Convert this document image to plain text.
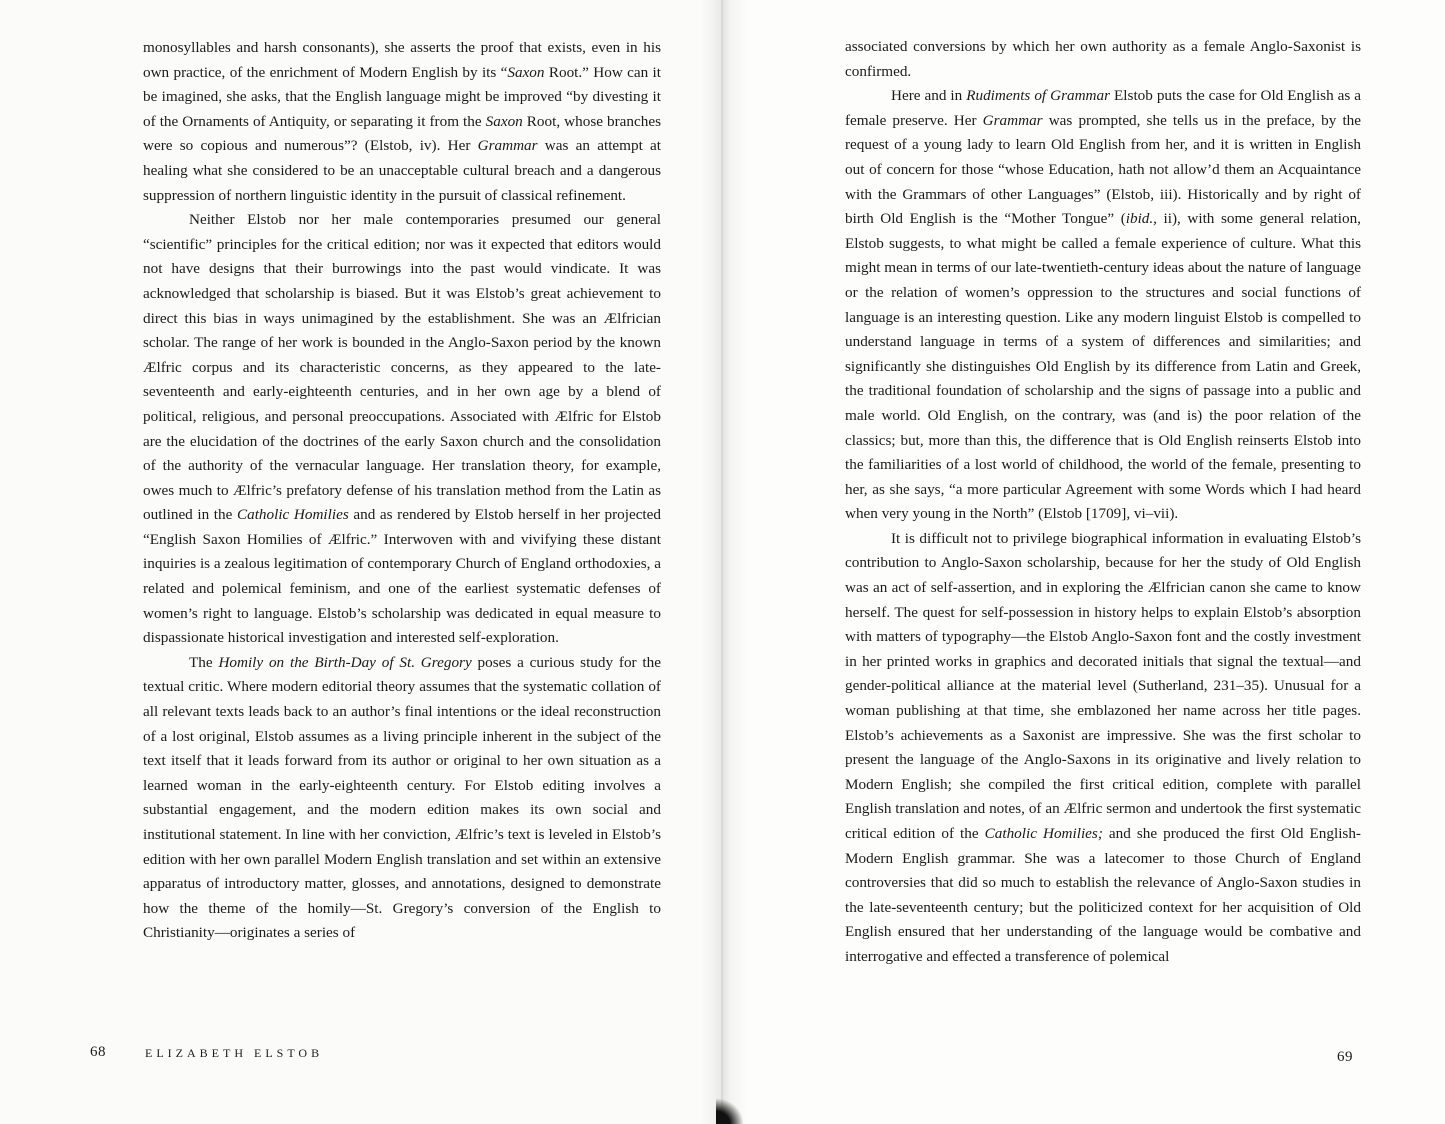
monosyllables and harsh consonants), she asserts the proof that exists, even in his own practice, of the enrichment of Modern English by its “Saxon Root.” How can it be imagined, she asks, that the English language might be improved “by divesting it of the Ornaments of Antiquity, or separating it from the Saxon Root, whose branches were so copious and numerous”? (Elstob, iv). Her Grammar was an attempt at healing what she considered to be an unacceptable cultural breach and a dangerous suppression of northern linguistic identity in the pursuit of classical refinement.

Neither Elstob nor her male contemporaries presumed our general “scientific” principles for the critical edition; nor was it expected that editors would not have designs that their burrowings into the past would vindicate. It was acknowledged that scholarship is biased. But it was Elstob’s great achievement to direct this bias in ways unimagined by the establishment. She was an Ælfrician scholar. The range of her work is bounded in the Anglo-Saxon period by the known Ælfric corpus and its characteristic concerns, as they appeared to the late-seventeenth and early-eighteenth centuries, and in her own age by a blend of political, religious, and personal preoccupations. Associated with Ælfric for Elstob are the elucidation of the doctrines of the early Saxon church and the consolidation of the authority of the vernacular language. Her translation theory, for example, owes much to Ælfric’s prefatory defense of his translation method from the Latin as outlined in the Catholic Homilies and as rendered by Elstob herself in her projected “English Saxon Homilies of Ælfric.” Interwoven with and vivifying these distant inquiries is a zealous legitimation of contemporary Church of England orthodoxies, a related and polemical feminism, and one of the earliest systematic defenses of women’s right to language. Elstob’s scholarship was dedicated in equal measure to dispassionate historical investigation and interested self-exploration.

The Homily on the Birth-Day of St. Gregory poses a curious study for the textual critic. Where modern editorial theory assumes that the systematic collation of all relevant texts leads back to an author’s final intentions or the ideal reconstruction of a lost original, Elstob assumes as a living principle inherent in the subject of the text itself that it leads forward from its author or original to her own situation as a learned woman in the early-eighteenth century. For Elstob editing involves a substantial engagement, and the modern edition makes its own social and institutional statement. In line with her conviction, Ælfric’s text is leveled in Elstob’s edition with her own parallel Modern English translation and set within an extensive apparatus of introductory matter, glosses, and annotations, designed to demonstrate how the theme of the homily—St. Gregory’s conversion of the English to Christianity—originates a series of

68	ELIZABETH ELSTOB

associated conversions by which her own authority as a female Anglo-Saxonist is confirmed.

Here and in Rudiments of Grammar Elstob puts the case for Old English as a female preserve. Her Grammar was prompted, she tells us in the preface, by the request of a young lady to learn Old English from her, and it is written in English out of concern for those “whose Education, hath not allow’d them an Acquaintance with the Grammars of other Languages” (Elstob, iii). Historically and by right of birth Old English is the “Mother Tongue” (ibid., ii), with some general relation, Elstob suggests, to what might be called a female experience of culture. What this might mean in terms of our late-twentieth-century ideas about the nature of language or the relation of women’s oppression to the structures and social functions of language is an interesting question. Like any modern linguist Elstob is compelled to understand language in terms of a system of differences and similarities; and significantly she distinguishes Old English by its difference from Latin and Greek, the traditional foundation of scholarship and the signs of passage into a public and male world. Old English, on the contrary, was (and is) the poor relation of the classics; but, more than this, the difference that is Old English reinserts Elstob into the familiarities of a lost world of childhood, the world of the female, presenting to her, as she says, “a more particular Agreement with some Words which I had heard when very young in the North” (Elstob [1709], vi–vii).

It is difficult not to privilege biographical information in evaluating Elstob’s contribution to Anglo-Saxon scholarship, because for her the study of Old English was an act of self-assertion, and in exploring the Ælfrician canon she came to know herself. The quest for self-possession in history helps to explain Elstob’s absorption with matters of typography—the Elstob Anglo-Saxon font and the costly investment in her printed works in graphics and decorated initials that signal the textual—and gender-political alliance at the material level (Sutherland, 231–35). Unusual for a woman publishing at that time, she emblazoned her name across her title pages. Elstob’s achievements as a Saxonist are impressive. She was the first scholar to present the language of the Anglo-Saxons in its originative and lively relation to Modern English; she compiled the first critical edition, complete with parallel English translation and notes, of an Ælfric sermon and undertook the first systematic critical edition of the Catholic Homilies; and she produced the first Old English-Modern English grammar. She was a latecomer to those Church of England controversies that did so much to establish the relevance of Anglo-Saxon studies in the late-seventeenth century; but the politicized context for her acquisition of Old English ensured that her understanding of the language would be combative and interrogative and effected a transference of polemical

69
